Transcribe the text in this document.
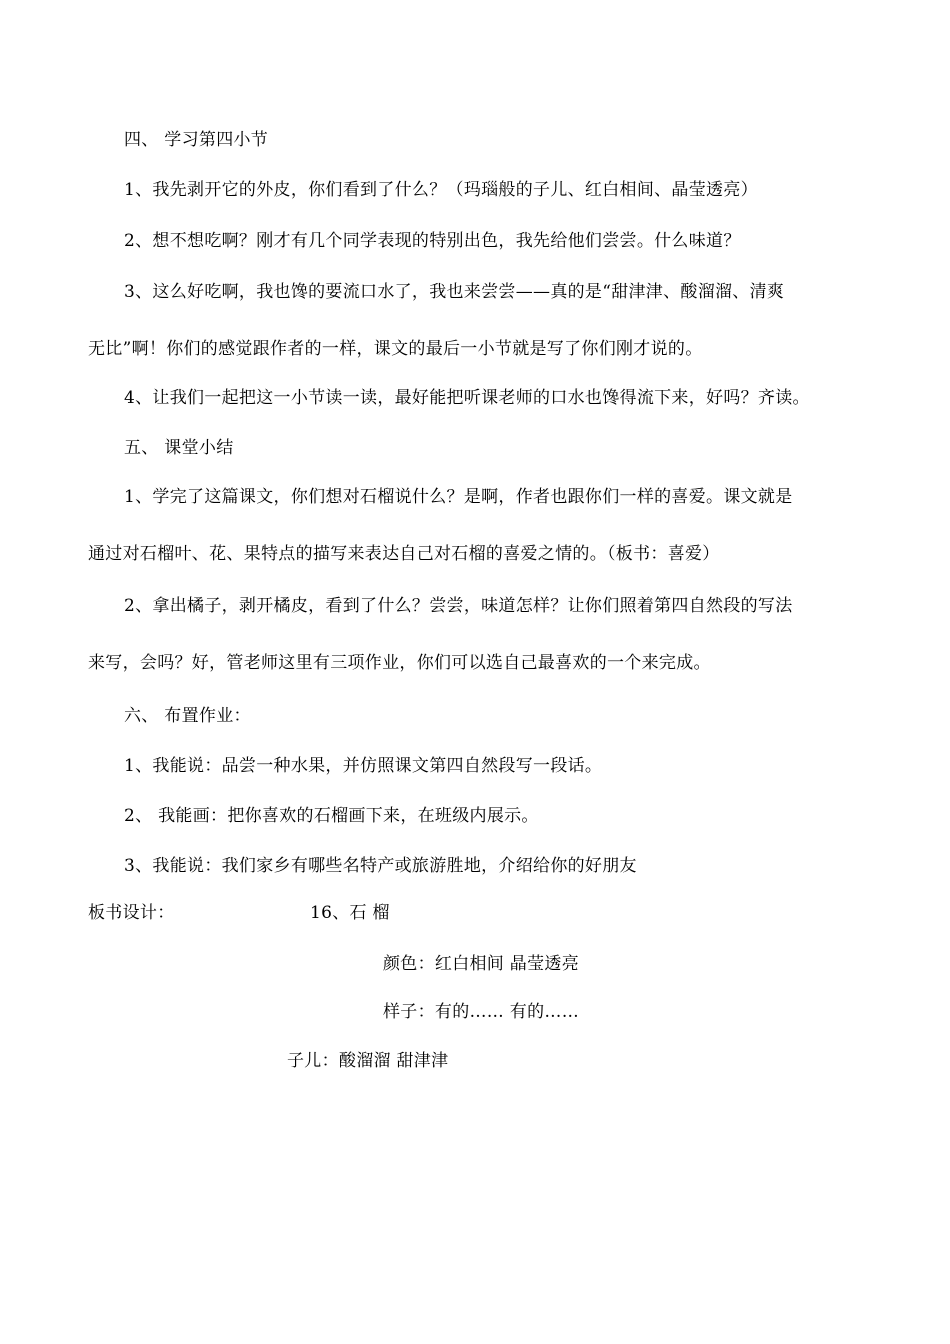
四、 学习第四小节
1、我先剥开它的外皮，你们看到了什么？（玛瑙般的子儿、红白相间、晶莹透亮）
2、想不想吃啊？刚才有几个同学表现的特别出色，我先给他们尝尝。什么味道？
3、这么好吃啊，我也馋的要流口水了，我也来尝尝——真的是“甜津津、酸溜溜、清爽
无比”啊！你们的感觉跟作者的一样，课文的最后一小节就是写了你们刚才说的。
4、让我们一起把这一小节读一读，最好能把听课老师的口水也馋得流下来，好吗？齐读。
五、 课堂小结
1、学完了这篇课文，你们想对石榴说什么？是啊，作者也跟你们一样的喜爱。课文就是
通过对石榴叶、花、果特点的描写来表达自己对石榴的喜爱之情的。（板书：喜爱）
2、拿出橘子，剥开橘皮，看到了什么？尝尝，味道怎样？让你们照着第四自然段的写法
来写，会吗？好，管老师这里有三项作业，你们可以选自己最喜欢的一个来完成。
六、 布置作业：
1、我能说：品尝一种水果，并仿照课文第四自然段写一段话。
2、 我能画：把你喜欢的石榴画下来，在班级内展示。
3、我能说：我们家乡有哪些名特产或旅游胜地，介绍给你的好朋友
板书设计：	16、石 榴
颜色：红白相间 晶莹透亮
样子：有的…… 有的……
子儿：酸溜溜 甜津津
